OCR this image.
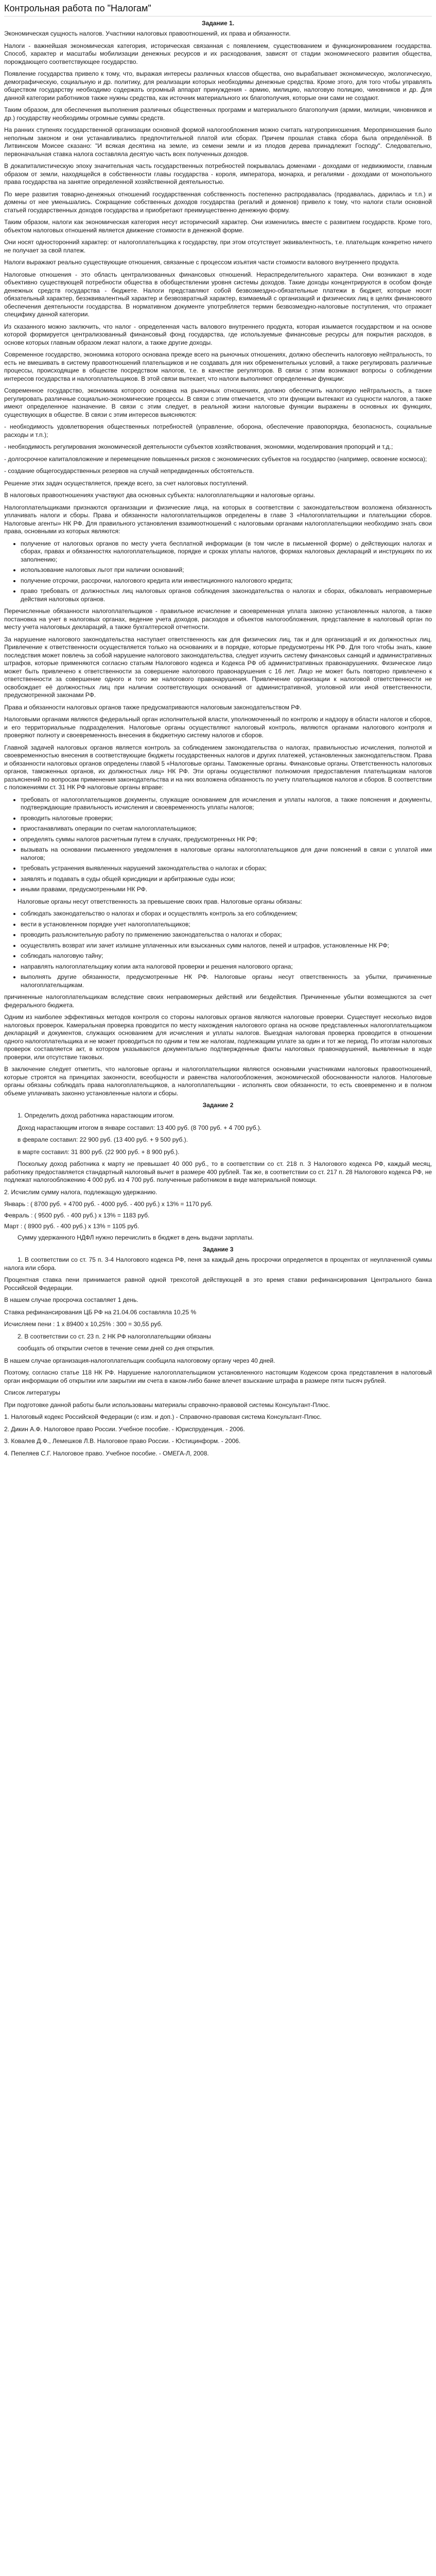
Контрольная работа по "Налогам"
Задание 1.

Экономическая сущность налогов. Участники налоговых правоотношений, их права и обязанности.

Налоги - важнейшая экономическая категория, историческая связанная с появлением, существованием и функционированием государства. Способ, характер и масштабы мобилизации денежных ресурсов и их расходования, зависят от стадии экономического развития общества, порождающего соответствующее государство.

Появление государства привело к тому, что, выражая интересы различных классов общества, оно вырабатывает экономическую, экологическую, демографическую, социальную и др. политику, для реализации которых необходимы денежные средства. Кроме этого, для того чтобы управлять обществом государству необходимо содержать огромный аппарат принуждения - армию, милицию, налоговую полицию, чиновников и др. Для данной категории работников также нужны средства, как источник материального их благополучия, которые они сами не создают.

Таким образом, для обеспечения выполнения различных общественных программ и материального благополучия (армии, милиции, чиновников и др.) государству необходимы огромные суммы средств.

На ранних ступенях государственной организации основной формой налогообложения можно считать натуроприношения. Мероприношения было неполным законом и они устанавливались предпочтительной платой или сборах. Причем прошлая ставка сбора была определённой. В Литвинском Моисее сказано: "И всякая десятина на земле, из семени земли и из плодов дерева принадлежит Господу". Следовательно, первоначальная ставка налога составляла десятую часть всех полученных доходов.

В докапиталистическую эпоху значительная часть государственных потребностей покрывалась доменами - доходами от недвижимости, главным образом от земли, находящейся в собственности главы государства - короля, императора, монарха, и регалиями - доходами от монопольного права государства на занятие определенной хозяйственной деятельностью.

По мере развития товарно-денежных отношений государственная собственность постепенно распродавалась (продавалась, дарилась и т.п.) и домены от нее уменьшались. Сокращение собственных доходов государства (регалий и доменов) привело к тому, что налоги стали основной статьей государственных доходов государства и приобретают преимущественно денежную форму.

Таким образом, налоги как экономическая категория несут исторический характер. Они изменились вместе с развитием государств. Кроме того, объектом налоговых отношений является движение стоимости в денежной форме.

Они носят односторонний характер: от налогоплательщика к государству, при этом отсутствует эквивалентность, т.е. плательщик конкретно ничего не получает за свой платеж.

Налоги выражают реально существующие отношения, связанные с процессом изъятия части стоимости валового внутреннего продукта.

Налоговые отношения - это область централизованных финансовых отношений. Нераспределительного характера. Они возникают в ходе объективно существующей потребности общества в обобществлении уровня системы доходов. Такие доходы концентрируются в особом фонде денежных средств государства - бюджете. Налоги представляют собой безвозмездно-обязательные платежи в бюджет, которые носят обязательный характер, безэквивалентный характер и безвозвратный характер, взимаемый с организаций и физических лиц в целях финансового обеспечения деятельности государства. В нормативном документе употребляется термин безвозмездно-налоговые поступления, что отражает специфику данной категории.

Из сказанного можно заключить, что налог - определенная часть валового внутреннего продукта, которая изымается государством и на основе которой формируется централизованный финансовый фонд государства, где используемые финансовые ресурсы для покрытия расходов, в основе которых главным образом лежат налоги, а также другие доходы.

Современное государство, экономика которого основана прежде всего на рыночных отношениях, должно обеспечить налоговую нейтральность, то есть не вмешивать в систему правоотношений плательщиков и не создавать для них обременительных условий, а также регулировать различные процессы, происходящие в обществе посредством налогов, т.е. в качестве регуляторов. В связи с этим возникают вопросы о соблюдении интересов государства и налогоплательщиков. В этой связи вытекает, что налоги выполняют определенные функции:

Современное государство, экономика которого основана на рыночных отношениях, должно обеспечить налоговую нейтральность, а также регулировать различные социально-экономические процессы. В связи с этим отмечается, что эти функции вытекают из сущности налогов, а также имеют определенное назначение. В связи с этим следует, в реальной жизни налоговые функции выражены в основных их функциях, существующих в обществе. В связи с этим интересов выясняются:

- необходимость удовлетворения общественных потребностей (управление, оборона, обеспечение правопорядка, безопасность, социальные расходы и т.п.);

- необходимость регулирования экономической деятельности субъектов хозяйствования, экономики, моделирования пропорций и т.д.;

- долгосрочное капиталовложение и перемещение повышенных рисков с экономических субъектов на государство (например, освоение космоса);

- создание общегосударственных резервов на случай непредвиденных обстоятельств.

Решение этих задач осуществляется, прежде всего, за счет налоговых поступлений.

В налоговых правоотношениях участвуют два основных субъекта: налогоплательщики и налоговые органы.

Налогоплательщиками признаются организации и физические лица, на которых в соответствии с законодательством возложена обязанность уплачивать налоги и сборы. Права и обязанности налогоплательщиков определены в главе 3 «Налогоплательщики и плательщики сборов. Налоговые агенты» НК РФ. Для правильного установления взаимоотношений с налоговыми органами налогоплательщики необходимо знать свои права, основными из которых являются:

• получение от налоговых органов по месту учета бесплатной информации (в том числе в письменной форме) о действующих налогах и сборах, правах и обязанностях налогоплательщиков, порядке и сроках уплаты налогов, формах налоговых деклараций и инструкциях по их заполнению;
• использование налоговых льгот при наличии оснований;
• получение отсрочки, рассрочки, налогового кредита или инвестиционного налогового кредита;
• право требовать от должностных лиц налоговых органов соблюдения законодательства о налогах и сборах, обжаловать неправомерные действия налоговых органов.

Перечисленные обязанности налогоплательщиков - правильное исчисление и своевременная уплата законно установленных налогов, а также постановка на учет в налоговых органах, ведение учета доходов, расходов и объектов налогообложения, представление в налоговый орган по месту учета налоговых деклараций, а также бухгалтерской отчетности.

За нарушение налогового законодательства наступает ответственность как для физических лиц, так и для организаций и их должностных лиц. Привлечение к ответственности осуществляется только на основаниях и в порядке, которые предусмотрены НК РФ. Для того чтобы знать, какие последствия может повлечь за собой нарушение налогового законодательства, следует изучить систему финансовых санкций и административных штрафов, которые применяются согласно статьям Налогового кодекса и Кодекса РФ об административных правонарушениях. Физическое лицо может быть привлечено к ответственности за совершение налогового правонарушения с 16 лет. Лицо не может быть повторно привлечено к ответственности за совершение одного и того же налогового правонарушения. Привлечение организации к налоговой ответственности не освобождает её должностных лиц при наличии соответствующих оснований от административной, уголовной или иной ответственности, предусмотренной законами РФ.

Права и обязанности налоговых органов также предусматриваются налоговым законодательством РФ.

Налоговыми органами являются федеральный орган исполнительной власти, уполномоченный по контролю и надзору в области налогов и сборов, и его территориальные подразделения. Налоговые органы осуществляют налоговый контроль, являются органами налогового контроля и проверяют полноту и своевременность внесения в бюджетную систему налогов и сборов.

Главной задачей налоговых органов является контроль за соблюдением законодательства о налогах, правильностью исчисления, полнотой и своевременностью внесения в соответствующие бюджеты государственных налогов и других платежей, установленных законодательством. Права и обязанности налоговых органов определены главой 5 «Налоговые органы. Таможенные органы. Финансовые органы. Ответственность налоговых органов, таможенных органов, их должностных лиц» НК РФ. Эти органы осуществляют полномочия предоставления плательщикам налогов разъяснений по вопросам применения законодательства и на них возложена обязанность по учету плательщиков налогов и сборов. В соответствии с положениями ст. 31 НК РФ налоговые органы вправе:

• требовать от налогоплательщиков документы, служащие основанием для исчисления и уплаты налогов, а также пояснения и документы, подтверждающие правильность исчисления и своевременность уплаты налогов;
• проводить налоговые проверки;
• приостанавливать операции по счетам налогоплательщиков;
• определять суммы налогов расчетным путем в случаях, предусмотренных НК РФ;
• вызывать на основании письменного уведомления в налоговые органы налогоплательщиков для дачи пояснений в связи с уплатой ими налогов;
• требовать устранения выявленных нарушений законодательства о налогах и сборах;
• заявлять и подавать в суды общей юрисдикции и арбитражные суды иски;
• иными правами, предусмотренными НК РФ.

Налоговые органы несут ответственность за превышение своих прав. Налоговые органы обязаны:

• соблюдать законодательство о налогах и сборах и осуществлять контроль за его соблюдением;
• вести в установленном порядке учет налогоплательщиков;
• проводить разъяснительную работу по применению законодательства о налогах и сборах;
• осуществлять возврат или зачет излишне уплаченных или взысканных сумм налогов, пеней и штрафов, установленные НК РФ;
• соблюдать налоговую тайну;
• направлять налогоплательщику копии акта налоговой проверки и решения налогового органа;
• выполнять другие обязанности, предусмотренные НК РФ. Налоговые органы несут ответственность за убытки, причиненные налогоплательщикам.

причиненные налогоплательщикам вследствие своих неправомерных действий или бездействия. Причиненные убытки возмещаются за счет федерального бюджета.

Одним из наиболее эффективных методов контроля со стороны налоговых органов являются налоговые проверки. Существует несколько видов налоговых проверок. Камеральная проверка проводится по месту нахождения налогового органа на основе представленных налогоплательщиком деклараций и документов, служащих основанием для исчисления и уплаты налогов. Выездная налоговая проверка проводится в отношении одного налогоплательщика и не может проводиться по одним и тем же налогам, подлежащим уплате за один и тот же период. По итогам налоговых проверок составляется акт, в котором указываются документально подтвержденные факты налоговых правонарушений, выявленные в ходе проверки, или отсутствие таковых.

В заключение следует отметить, что налоговые органы и налогоплательщики являются основными участниками налоговых правоотношений, которые строятся на принципах законности, всеобщности и равенства налогообложения, экономической обоснованности налогов. Налоговые органы обязаны соблюдать права налогоплательщиков, а налогоплательщики - исполнять свои обязанности, то есть своевременно и в полном объеме уплачивать законно установленные налоги и сборы.

Задание 2

1. Определить доход работника нарастающим итогом.

Доход нарастающим итогом в январе составил: 13 400 руб. (8 700 руб. + 4 700 руб.).

в феврале составил: 22 900 руб. (13 400 руб. + 9 500 руб.).

в марте составил: 31 800 руб. (22 900 руб. + 8 900 руб.).

Поскольку доход работника к марту не превышает 40 000 руб., то в соответствии со ст. 218 п. 3 Налогового кодекса РФ, каждый месяц, работнику предоставляется стандартный налоговый вычет в размере 400 рублей. Так же, в соответствии со ст. 217 п. 28 Налогового кодекса РФ, не подлежат налогообложению 4 000 руб. из 4 700 руб. полученные работником в виде материальной помощи.

2. Исчислим сумму налога, подлежащую удержанию.

Январь : ( 8700 руб. + 4700 руб. - 4000 руб. - 400 руб.) х 13% = 1170 руб.

Февраль : ( 9500 руб. - 400 руб.) х 13% = 1183 руб.

Март : ( 8900 руб. - 400 руб.) х 13% = 1105 руб.

Сумму удержанного НДФЛ нужно перечислить в бюджет в день выдачи зарплаты.

Задание 3

1. В соответствии со ст. 75 п. 3-4 Налогового кодекса РФ, пеня за каждый день просрочки определяется в процентах от неуплаченной суммы налога или сбора.

Процентная ставка пени принимается равной одной трехсотой действующей в это время ставки рефинансирования Центрального банка Российской Федерации.

В нашем случае просрочка составляет 1 день.

Ставка рефинансирования ЦБ РФ на 21.04.06 составляла 10,25 %

Исчисляем пени : 1 х 89400 х 10,25% : 300 = 30,55 руб.

2. В соответствии со ст. 23 п. 2 НК РФ налогоплательщики обязаны

сообщать об открытии счетов в течение семи дней со дня открытия.

В нашем случае организация-налогоплательщик сообщила налоговому органу через 40 дней.

Поэтому, согласно статье 118 НК РФ. Нарушение налогоплательщиком установленного настоящим Кодексом срока представления в налоговый орган информации об открытии или закрытии им счета в каком-либо банке влечет взыскание штрафа в размере пяти тысяч рублей.

Список литературы

При подготовке данной работы были использованы материалы справочно-правовой системы Консультант-Плюс.

1. Налоговый кодекс Российской Федерации (с изм. и доп.) - Справочно-правовая система Консультант-Плюс.

2. Дикин А.Ф. Налоговое право России. Учебное пособие. - Юриспруденция. - 2006.

3. Ковалев Д.Ф., Лемешков Л.В. Налоговое право России. - Юстицинформ. - 2006.

4. Пепеляев С.Г. Налоговое право. Учебное пособие. - ОМЕГА-Л, 2008.
